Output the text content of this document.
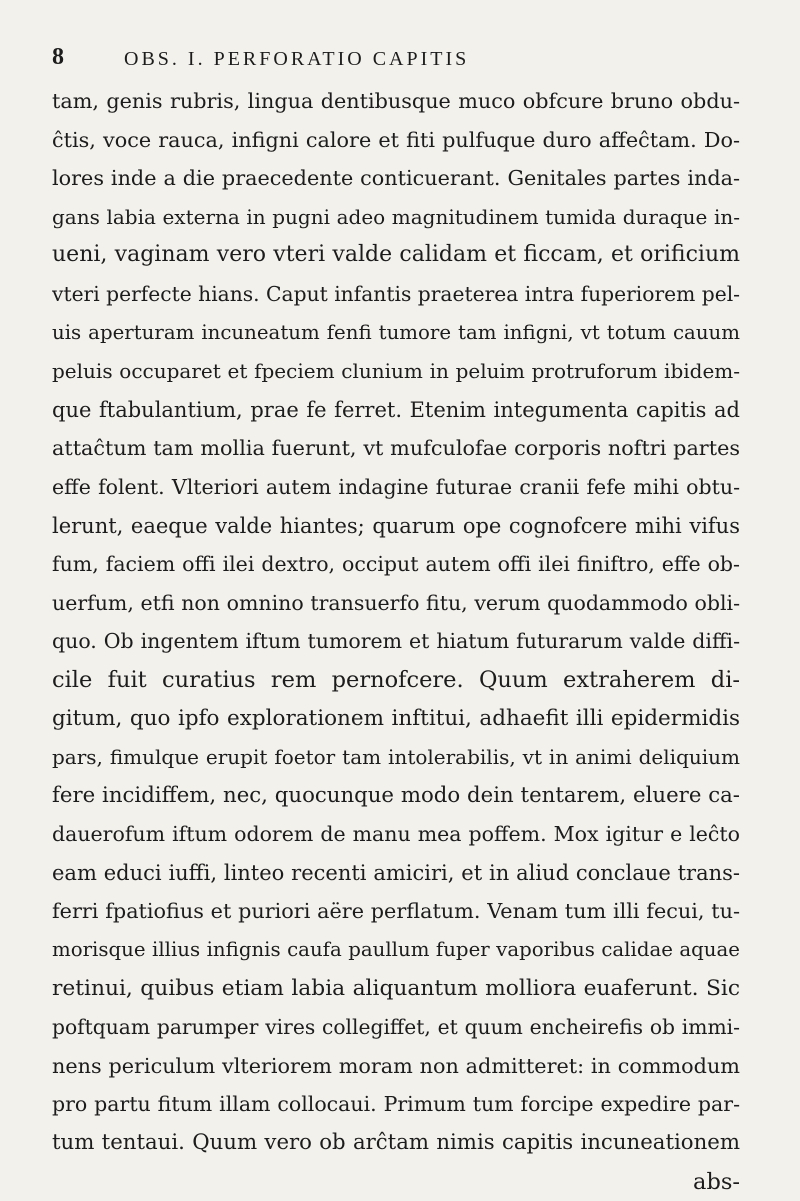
8	OBS. I. PERFORATIO CAPITIS
tam, genis rubris, lingua dentibusque muco obfcure bruno obdu-
ĉtis, voce rauca, infigni calore et fiti pulfuque duro affeĉtam. Do-
lores inde a die praecedente conticuerant. Genitales partes inda-
gans labia externa in pugni adeo magnitudinem tumida duraque in-
ueni, vaginam vero vteri valde calidam et ficcam, et orificium
vteri perfecte hians. Caput infantis praeterea intra fuperiorem pel-
uis aperturam incuneatum fenfi tumore tam infigni, vt totum cauum
peluis occuparet et fpeciem clunium in peluim protruforum ibidem-
que ftabulantium, prae fe ferret. Etenim integumenta capitis ad
attaĉtum tam mollia fuerunt, vt mufculofae corporis noftri partes
effe folent. Vlteriori autem indagine futurae cranii fefe mihi obtu-
lerunt, eaeque valde hiantes; quarum ope cognofcere mihi vifus
fum, faciem offi ilei dextro, occiput autem offi ilei finiftro, effe ob-
uerfum, etfi non omnino transuerfo fitu, verum quodammodo obli-
quo. Ob ingentem iftum tumorem et hiatum futurarum valde diffi-
cile fuit curatius rem pernofcere. Quum extraherem di-
gitum, quo ipfo explorationem inftitui, adhaefit illi epidermidis
pars, fimulque erupit foetor tam intolerabilis, vt in animi deliquium
fere incidiffem, nec, quocunque modo dein tentarem, eluere ca-
dauerofum iftum odorem de manu mea poffem. Mox igitur e leĉto
eam educi iuffi, linteo recenti amiciri, et in aliud conclaue trans-
ferri fpatiofius et puriori aëre perflatum. Venam tum illi fecui, tu-
morisque illius infignis caufa paullum fuper vaporibus calidae aquae
retinui, quibus etiam labia aliquantum molliora euaferunt. Sic
poftquam parumper vires collegiffet, et quum encheirefis ob immi-
nens periculum vlteriorem moram non admitteret: in commodum
pro partu fitum illam collocaui. Primum tum forcipe expedire par-
tum tentaui. Quum vero ob arĉtam nimis capitis incuneationem
abs-
